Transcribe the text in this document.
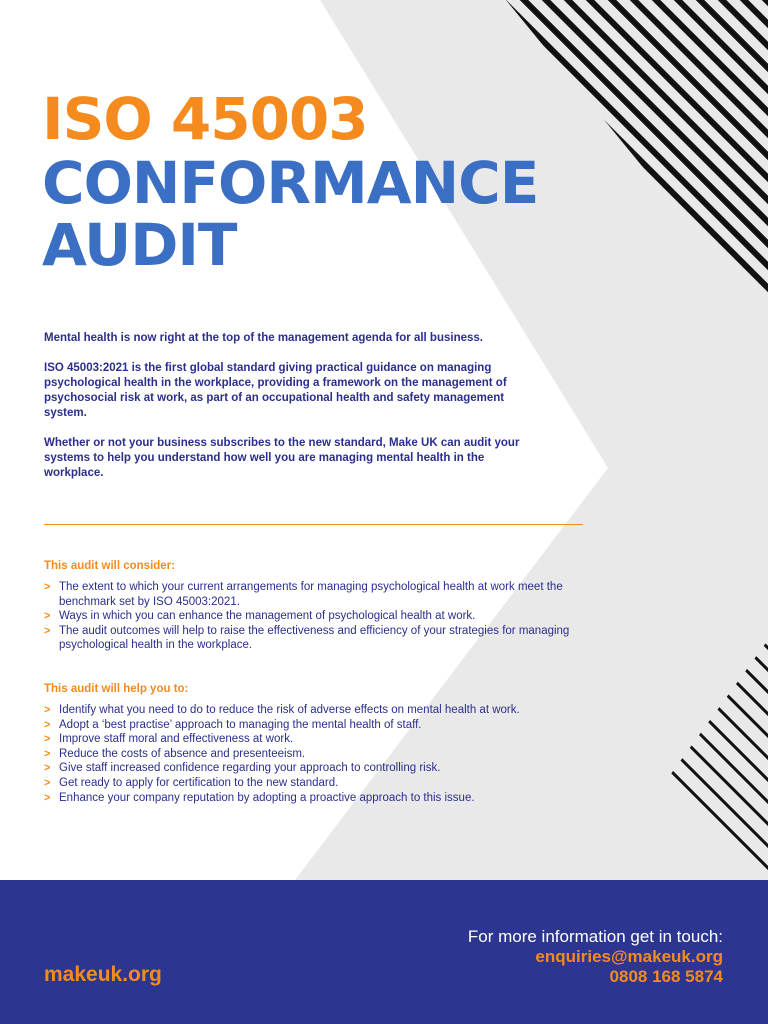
ISO 45003
CONFORMANCE
AUDIT

Mental health is now right at the top of the management agenda for all business.

ISO 45003:2021 is the first global standard giving practical guidance on managing psychological health in the workplace, providing a framework on the management of psychosocial risk at work, as part of an occupational health and safety management system.

Whether or not your business subscribes to the new standard, Make UK can audit your systems to help you understand how well you are managing mental health in the workplace.

This audit will consider:
> The extent to which your current arrangements for managing psychological health at work meet the benchmark set by ISO 45003:2021.
> Ways in which you can enhance the management of psychological health at work.
> The audit outcomes will help to raise the effectiveness and efficiency of your strategies for managing psychological health in the workplace.
This audit will help you to:
> Identify what you need to do to reduce the risk of adverse effects on mental health at work.
> Adopt a ‘best practise’ approach to managing the mental health of staff.
> Improve staff moral and effectiveness at work.
> Reduce the costs of absence and presenteeism.
> Give staff increased confidence regarding your approach to controlling risk.
> Get ready to apply for certification to the new standard.
> Enhance your company reputation by adopting a proactive approach to this issue.
makeuk.org
For more information get in touch:
enquiries@makeuk.org
0808 168 5874
